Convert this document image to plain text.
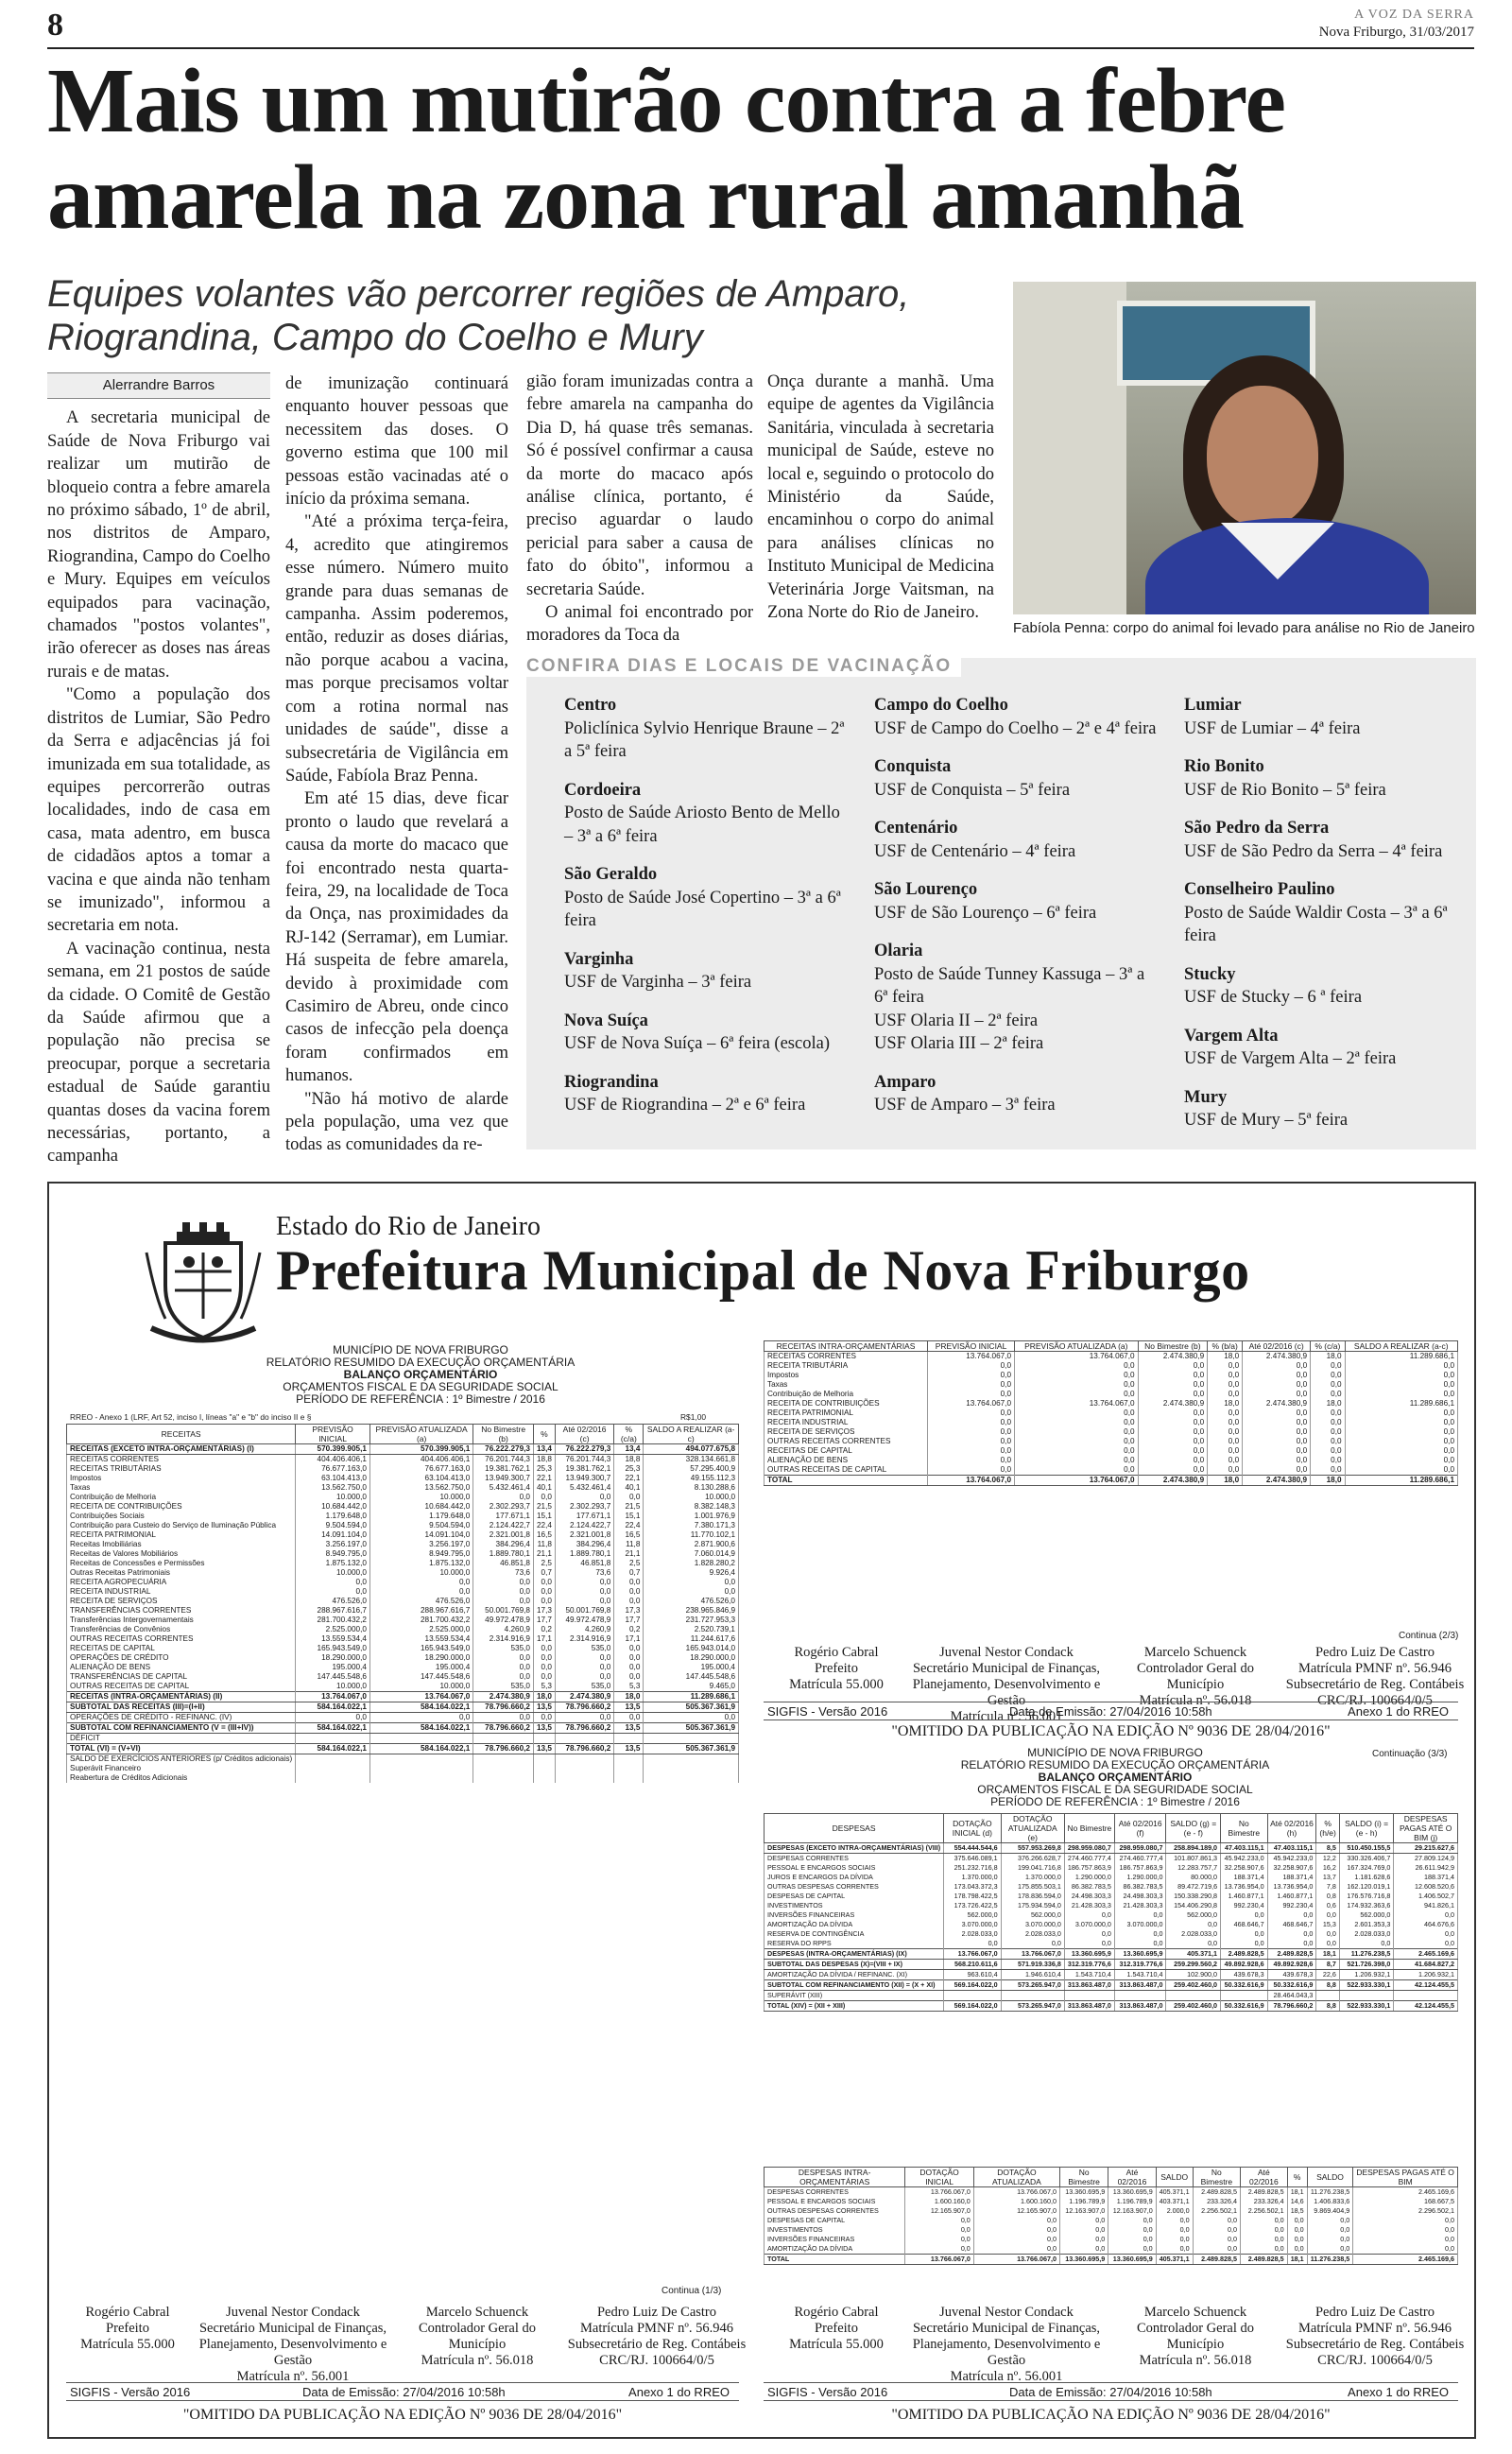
8	A VOZ DA SERRA
Nova Friburgo, 31/03/2017
Mais um mutirão contra a febre amarela na zona rural amanhã
Equipes volantes vão percorrer regiões de Amparo, Riograndina, Campo do Coelho e Mury
Fabíola Penna: corpo do animal foi levado para análise no Rio de Janeiro
Alerrandre Barros

A secretaria municipal de Saúde de Nova Friburgo vai realizar um mutirão de bloqueio contra a febre amarela no próximo sábado, 1º de abril, nos distritos de Amparo, Riograndina, Campo do Coelho e Mury. Equipes em veículos equipados para vacinação, chamados "postos volantes", irão oferecer as doses nas áreas rurais e de matas.

"Como a população dos distritos de Lumiar, São Pedro da Serra e adjacências já foi imunizada em sua totalidade, as equipes percorrerão outras localidades, indo de casa em casa, mata adentro, em busca de cidadãos aptos a tomar a vacina e que ainda não tenham se imunizado", informou a secretaria em nota.

A vacinação continua, nesta semana, em 21 postos de saúde da cidade. O Comitê de Gestão da Saúde afirmou que a população não precisa se preocupar, porque a secretaria estadual de Saúde garantiu quantas doses da vacina forem necessárias, portanto, a campanha

de imunização continuará enquanto houver pessoas que necessitem das doses. O governo estima que 100 mil pessoas estão vacinadas até o início da próxima semana.

"Até a próxima terça-feira, 4, acredito que atingiremos esse número. Número muito grande para duas semanas de campanha. Assim poderemos, então, reduzir as doses diárias, não porque acabou a vacina, mas porque precisamos voltar com a rotina normal nas unidades de saúde", disse a subsecretária de Vigilância em Saúde, Fabíola Braz Penna.

Em até 15 dias, deve ficar pronto o laudo que revelará a causa da morte do macaco que foi encontrado nesta quarta-feira, 29, na localidade de Toca da Onça, nas proximidades da RJ-142 (Serramar), em Lumiar. Há suspeita de febre amarela, devido à proximidade com Casimiro de Abreu, onde cinco casos de infecção pela doença foram confirmados em humanos.

"Não há motivo de alarde pela população, uma vez que todas as comunidades da re-

gião foram imunizadas contra a febre amarela na campanha do Dia D, há quase três semanas. Só é possível confirmar a causa da morte do macaco após análise clínica, portanto, é preciso aguardar o laudo pericial para saber a causa de fato do óbito", informou a secretaria Saúde.

O animal foi encontrado por moradores da Toca da

Onça durante a manhã. Uma equipe de agentes da Vigilância Sanitária, vinculada à secretaria municipal de Saúde, esteve no local e, seguindo o protocolo do Ministério da Saúde, encaminhou o corpo do animal para análises clínicas no Instituto Municipal de Medicina Veterinária Jorge Vaitsman, na Zona Norte do Rio de Janeiro.

CONFIRA DIAS E LOCAIS DE VACINAÇÃO
Centro
Policlínica Sylvio Henrique Braune – 2ª a 5ª feira
Cordoeira
Posto de Saúde Ariosto Bento de Mello – 3ª a 6ª feira
São Geraldo
Posto de Saúde José Copertino – 3ª a 6ª feira
Varginha
USF de Varginha – 3ª feira
Nova Suíça
USF de Nova Suíça – 6ª feira (escola)
Riograndina
USF de Riograndina – 2ª e 6ª feira
Campo do Coelho
USF de Campo do Coelho – 2ª e 4ª feira
Conquista
USF de Conquista – 5ª feira
Centenário
USF de Centenário – 4ª feira
São Lourenço
USF de São Lourenço – 6ª feira
Olaria
Posto de Saúde Tunney Kassuga – 3ª a 6ª feira
USF Olaria II – 2ª feira
USF Olaria III – 2ª feira
Amparo
USF de Amparo – 3ª feira
Lumiar
USF de Lumiar – 4ª feira
Rio Bonito
USF de Rio Bonito – 5ª feira
São Pedro da Serra
USF de São Pedro da Serra – 4ª feira
Conselheiro Paulino
Posto de Saúde Waldir Costa – 3ª a 6ª feira
Stucky
USF de Stucky – 6 ª feira
Vargem Alta
USF de Vargem Alta – 2ª feira
Mury
USF de Mury – 5ª feira
Estado do Rio de Janeiro
Prefeitura Municipal de Nova Friburgo
MUNICÍPIO DE NOVA FRIBURGO
RELATÓRIO RESUMIDO DA EXECUÇÃO ORÇAMENTÁRIA
BALANÇO ORÇAMENTÁRIO
ORÇAMENTOS FISCAL E DA SEGURIDADE SOCIAL
PERÍODO DE REFERÊNCIA : 1º Bimestre / 2016
RREO - Anexo 1 (LRF, Art 52, inciso I, líneas "a" e "b" do inciso II e §	R$1,00
RECEITAS	PREVISÃO INICIAL	PREVISÃO ATUALIZADA (a)	No Bimestre (b)	%	Até 02/2016 (c)	% (c/a)	SALDO A REALIZAR (a-c)
RECEITAS (EXCETO INTRA-ORÇAMENTÁRIAS) (I)	570.399.905,1	570.399.905,1	76.222.279,3	13,4	76.222.279,3	13,4	494.077.675,8
RECEITAS CORRENTES	404.406.406,1	404.406.406,1	76.201.744,3	18,8	76.201.744,3	18,8	328.134.661,8
RECEITAS TRIBUTÁRIAS	76.677.163,0	76.677.163,0	19.381.762,1	25,3	19.381.762,1	25,3	57.295.400,9
Impostos	63.104.413,0	63.104.413,0	13.949.300,7	22,1	13.949.300,7	22,1	49.155.112,3
Taxas	13.562.750,0	13.562.750,0	5.432.461,4	40,1	5.432.461,4	40,1	8.130.288,6
Contribuição de Melhoria	10.000,0	10.000,0	0,0	0,0	0,0	0,0	10.000,0
RECEITA DE CONTRIBUIÇÕES	10.684.442,0	10.684.442,0	2.302.293,7	21,5	2.302.293,7	21,5	8.382.148,3
Contribuições Sociais	1.179.648,0	1.179.648,0	177.671,1	15,1	177.671,1	15,1	1.001.976,9
Contribuição para Custeio do Serviço de Iluminação Pública	9.504.594,0	9.504.594,0	2.124.422,7	22,4	2.124.422,7	22,4	7.380.171,3
RECEITA PATRIMONIAL	14.091.104,0	14.091.104,0	2.321.001,8	16,5	2.321.001,8	16,5	11.770.102,1
Receitas Imobiliárias	3.256.197,0	3.256.197,0	384.296,4	11,8	384.296,4	11,8	2.871.900,6
Receitas de Valores Mobiliários	8.949.795,0	8.949.795,0	1.889.780,1	21,1	1.889.780,1	21,1	7.060.014,9
Receitas de Concessões e Permissões	1.875.132,0	1.875.132,0	46.851,8	2,5	46.851,8	2,5	1.828.280,2
Outras Receitas Patrimoniais	10.000,0	10.000,0	73,6	0,7	73,6	0,7	9.926,4
RECEITA AGROPECUÁRIA	0,0	0,0	0,0	0,0	0,0	0,0	0,0
RECEITA INDUSTRIAL	0,0	0,0	0,0	0,0	0,0	0,0	0,0
RECEITA DE SERVIÇOS	476.526,0	476.526,0	0,0	0,0	0,0	0,0	476.526,0
TRANSFERÊNCIAS CORRENTES	288.967.616,7	288.967.616,7	50.001.769,8	17,3	50.001.769,8	17,3	238.965.846,9
Transferências Intergovernamentais	281.700.432,2	281.700.432,2	49.972.478,9	17,7	49.972.478,9	17,7	231.727.953,3
Transferências de Convênios	2.525.000,0	2.525.000,0	4.260,9	0,2	4.260,9	0,2	2.520.739,1
OUTRAS RECEITAS CORRENTES	13.559.534,4	13.559.534,4	2.314.916,9	17,1	2.314.916,9	17,1	11.244.617,6
RECEITAS DE CAPITAL	165.943.549,0	165.943.549,0	535,0	0,0	535,0	0,0	165.943.014,0
OPERAÇÕES DE CRÉDITO	18.290.000,0	18.290.000,0	0,0	0,0	0,0	0,0	18.290.000,0
ALIENAÇÃO DE BENS	195.000,4	195.000,4	0,0	0,0	0,0	0,0	195.000,4
TRANSFERÊNCIAS DE CAPITAL	147.445.548,6	147.445.548,6	0,0	0,0	0,0	0,0	147.445.548,6
OUTRAS RECEITAS DE CAPITAL	10.000,0	10.000,0	535,0	5,3	535,0	5,3	9.465,0
RECEITAS (INTRA-ORÇAMENTÁRIAS) (II)	13.764.067,0	13.764.067,0	2.474.380,9	18,0	2.474.380,9	18,0	11.289.686,1
SUBTOTAL DAS RECEITAS (III)=(I+II)	584.164.022,1	584.164.022,1	78.796.660,2	13,5	78.796.660,2	13,5	505.367.361,9
OPERAÇÕES DE CRÉDITO - REFINANC. (IV)	0,0	0,0	0,0	0,0	0,0	0,0	0,0
SUBTOTAL COM REFINANCIAMENTO (V = (III+IV))	584.164.022,1	584.164.022,1	78.796.660,2	13,5	78.796.660,2	13,5	505.367.361,9
DÉFICIT							
TOTAL (VI) = (V+VI)	584.164.022,1	584.164.022,1	78.796.660,2	13,5	78.796.660,2	13,5	505.367.361,9
SALDO DE EXERCÍCIOS ANTERIORES (p/ Créditos adicionais)							
Superávit Financeiro							
Reabertura de Créditos Adicionais							
Continua (1/3)
RECEITAS INTRA-ORÇAMENTÁRIAS	PREVISÃO INICIAL	PREVISÃO ATUALIZADA (a)	No Bimestre (b)	% (b/a)	Até 02/2016 (c)	% (c/a)	SALDO A REALIZAR (a-c)
RECEITAS CORRENTES	13.764.067,0	13.764.067,0	2.474.380,9	18,0	2.474.380,9	18,0	11.289.686,1
RECEITA TRIBUTÁRIA	0,0	0,0	0,0	0,0	0,0	0,0	0,0
Impostos	0,0	0,0	0,0	0,0	0,0	0,0	0,0
Taxas	0,0	0,0	0,0	0,0	0,0	0,0	0,0
Contribuição de Melhoria	0,0	0,0	0,0	0,0	0,0	0,0	0,0
RECEITA DE CONTRIBUIÇÕES	13.764.067,0	13.764.067,0	2.474.380,9	18,0	2.474.380,9	18,0	11.289.686,1
RECEITA PATRIMONIAL	0,0	0,0	0,0	0,0	0,0	0,0	0,0
RECEITA INDUSTRIAL	0,0	0,0	0,0	0,0	0,0	0,0	0,0
RECEITA DE SERVIÇOS	0,0	0,0	0,0	0,0	0,0	0,0	0,0
OUTRAS RECEITAS CORRENTES	0,0	0,0	0,0	0,0	0,0	0,0	0,0
RECEITAS DE CAPITAL	0,0	0,0	0,0	0,0	0,0	0,0	0,0
ALIENAÇÃO DE BENS	0,0	0,0	0,0	0,0	0,0	0,0	0,0
OUTRAS RECEITAS DE CAPITAL	0,0	0,0	0,0	0,0	0,0	0,0	0,0
TOTAL	13.764.067,0	13.764.067,0	2.474.380,9	18,0	2.474.380,9	18,0	11.289.686,1
Continua (2/3)
Rogério Cabral
Prefeito
Matrícula 55.000
Juvenal Nestor Condack
Secretário Municipal de Finanças, Planejamento, Desenvolvimento e Gestão
Matrícula nº. 56.001
Marcelo Schuenck
Controlador Geral do Município
Matrícula nº. 56.018
Pedro Luiz De Castro
Matrícula PMNF nº. 56.946
Subsecretário de Reg. Contábeis CRC/RJ. 100664/0/5
SIGFIS - Versão 2016	Data de Emissão: 27/04/2016 10:58h	Anexo 1 do RREO
"OMITIDO DA PUBLICAÇÃO NA EDIÇÃO Nº 9036 DE 28/04/2016"
MUNICÍPIO DE NOVA FRIBURGO
RELATÓRIO RESUMIDO DA EXECUÇÃO ORÇAMENTÁRIA
BALANÇO ORÇAMENTÁRIO
ORÇAMENTOS FISCAL E DA SEGURIDADE SOCIAL
PERÍODO DE REFERÊNCIA : 1º Bimestre / 2016
Continuação (3/3)
DESPESAS	DOTAÇÃO INICIAL (d)	DOTAÇÃO ATUALIZADA (e)	No Bimestre	Até 02/2016 (f)	SALDO (g) = (e - f)	No Bimestre	Até 02/2016 (h)	% (h/e)	SALDO (i) = (e - h)	DESPESAS PAGAS ATÉ O BIM (j)
DESPESAS (EXCETO INTRA-ORÇAMENTÁRIAS) (VIII)	554.444.544,6	557.953.269,8	298.959.080,7	298.959.080,7	258.894.189,0	47.403.115,1	47.403.115,1	8,5	510.450.155,5	29.215.627,6
DESPESAS CORRENTES	375.646.089,1	376.266.628,7	274.460.777,4	274.460.777,4	101.807.861,3	45.942.233,0	45.942.233,0	12,2	330.326.406,7	27.809.124,9
PESSOAL E ENCARGOS SOCIAIS	251.232.716,8	199.041.716,8	186.757.863,9	186.757.863,9	12.283.757,7	32.258.907,6	32.258.907,6	16,2	167.324.769,0	26.611.942,9
JUROS E ENCARGOS DA DÍVIDA	1.370.000,0	1.370.000,0	1.290.000,0	1.290.000,0	80.000,0	188.371,4	188.371,4	13,7	1.181.628,6	188.371,4
OUTRAS DESPESAS CORRENTES	173.043.372,3	175.855.503,1	86.382.783,5	86.382.783,5	89.472.719,6	13.736.954,0	13.736.954,0	7,8	162.120.019,1	12.608.520,6
DESPESAS DE CAPITAL	178.798.422,5	178.836.594,0	24.498.303,3	24.498.303,3	150.338.290,8	1.460.877,1	1.460.877,1	0,8	176.576.716,8	1.406.502,7
INVESTIMENTOS	173.726.422,5	175.934.594,0	21.428.303,3	21.428.303,3	154.406.290,8	992.230,4	992.230,4	0,6	174.932.363,6	941.826,1
INVERSÕES FINANCEIRAS	562.000,0	562.000,0	0,0	0,0	562.000,0	0,0	0,0	0,0	562.000,0	0,0
AMORTIZAÇÃO DA DÍVIDA	3.070.000,0	3.070.000,0	3.070.000,0	3.070.000,0	0,0	468.646,7	468.646,7	15,3	2.601.353,3	464.676,6
RESERVA DE CONTINGÊNCIA	2.028.033,0	2.028.033,0	0,0	0,0	2.028.033,0	0,0	0,0	0,0	2.028.033,0	0,0
RESERVA DO RPPS	0,0	0,0	0,0	0,0	0,0	0,0	0,0	0,0	0,0	0,0
DESPESAS (INTRA-ORÇAMENTÁRIAS) (IX)	13.766.067,0	13.766.067,0	13.360.695,9	13.360.695,9	405.371,1	2.489.828,5	2.489.828,5	18,1	11.276.238,5	2.465.169,6
SUBTOTAL DAS DESPESAS (X)=(VIII + IX)	568.210.611,6	571.919.336,8	312.319.776,6	312.319.776,6	259.299.560,2	49.892.928,6	49.892.928,6	8,7	521.726.398,0	41.684.827,2
AMORTIZAÇÃO DA DÍVIDA / REFINANC. (XI)	963.610,4	1.946.610,4	1.543.710,4	1.543.710,4	102.900,0	439.678,3	439.678,3	22,6	1.206.932,1	1.206.932,1
SUBTOTAL COM REFINANCIAMENTO (XII) = (X + XI)	569.164.022,0	573.265.947,0	313.863.487,0	313.863.487,0	259.402.460,0	50.332.616,9	50.332.616,9	8,8	522.933.330,1	42.124.455,5
SUPERÁVIT (XIII)							28.464.043,3			
TOTAL (XIV) = (XII + XIII)	569.164.022,0	573.265.947,0	313.863.487,0	313.863.487,0	259.402.460,0	50.332.616,9	78.796.660,2	8,8	522.933.330,1	42.124.455,5
DESPESAS INTRA-ORÇAMENTÁRIAS	DOTAÇÃO INICIAL	DOTAÇÃO ATUALIZADA	No Bimestre	Até 02/2016	SALDO	No Bimestre	Até 02/2016	%	SALDO	DESPESAS PAGAS ATÉ O BIM
DESPESAS CORRENTES	13.766.067,0	13.766.067,0	13.360.695,9	13.360.695,9	405.371,1	2.489.828,5	2.489.828,5	18,1	11.276.238,5	2.465.169,6
PESSOAL E ENCARGOS SOCIAIS	1.600.160,0	1.600.160,0	1.196.789,9	1.196.789,9	403.371,1	233.326,4	233.326,4	14,6	1.406.833,6	168.667,5
OUTRAS DESPESAS CORRENTES	12.165.907,0	12.165.907,0	12.163.907,0	12.163.907,0	2.000,0	2.256.502,1	2.256.502,1	18,5	9.869.404,9	2.296.502,1
DESPESAS DE CAPITAL	0,0	0,0	0,0	0,0	0,0	0,0	0,0	0,0	0,0	0,0
INVESTIMENTOS	0,0	0,0	0,0	0,0	0,0	0,0	0,0	0,0	0,0	0,0
INVERSÕES FINANCEIRAS	0,0	0,0	0,0	0,0	0,0	0,0	0,0	0,0	0,0	0,0
AMORTIZAÇÃO DA DÍVIDA	0,0	0,0	0,0	0,0	0,0	0,0	0,0	0,0	0,0	0,0
TOTAL	13.766.067,0	13.766.067,0	13.360.695,9	13.360.695,9	405.371,1	2.489.828,5	2.489.828,5	18,1	11.276.238,5	2.465.169,6
Rogério Cabral
Prefeito
Matrícula 55.000
Juvenal Nestor Condack
Secretário Municipal de Finanças, Planejamento, Desenvolvimento e Gestão
Matrícula nº. 56.001
Marcelo Schuenck
Controlador Geral do Município
Matrícula nº. 56.018
Pedro Luiz De Castro
Matrícula PMNF nº. 56.946
Subsecretário de Reg. Contábeis CRC/RJ. 100664/0/5
SIGFIS - Versão 2016	Data de Emissão: 27/04/2016 10:58h	Anexo 1 do RREO
"OMITIDO DA PUBLICAÇÃO NA EDIÇÃO Nº 9036 DE 28/04/2016"
Rogério Cabral
Prefeito
Matrícula 55.000
Juvenal Nestor Condack
Secretário Municipal de Finanças, Planejamento, Desenvolvimento e Gestão
Matrícula nº. 56.001
Marcelo Schuenck
Controlador Geral do Município
Matrícula nº. 56.018
Pedro Luiz De Castro
Matrícula PMNF nº. 56.946
Subsecretário de Reg. Contábeis CRC/RJ. 100664/0/5
SIGFIS - Versão 2016	Data de Emissão: 27/04/2016 10:58h	Anexo 1 do RREO
"OMITIDO DA PUBLICAÇÃO NA EDIÇÃO Nº 9036 DE 28/04/2016"
